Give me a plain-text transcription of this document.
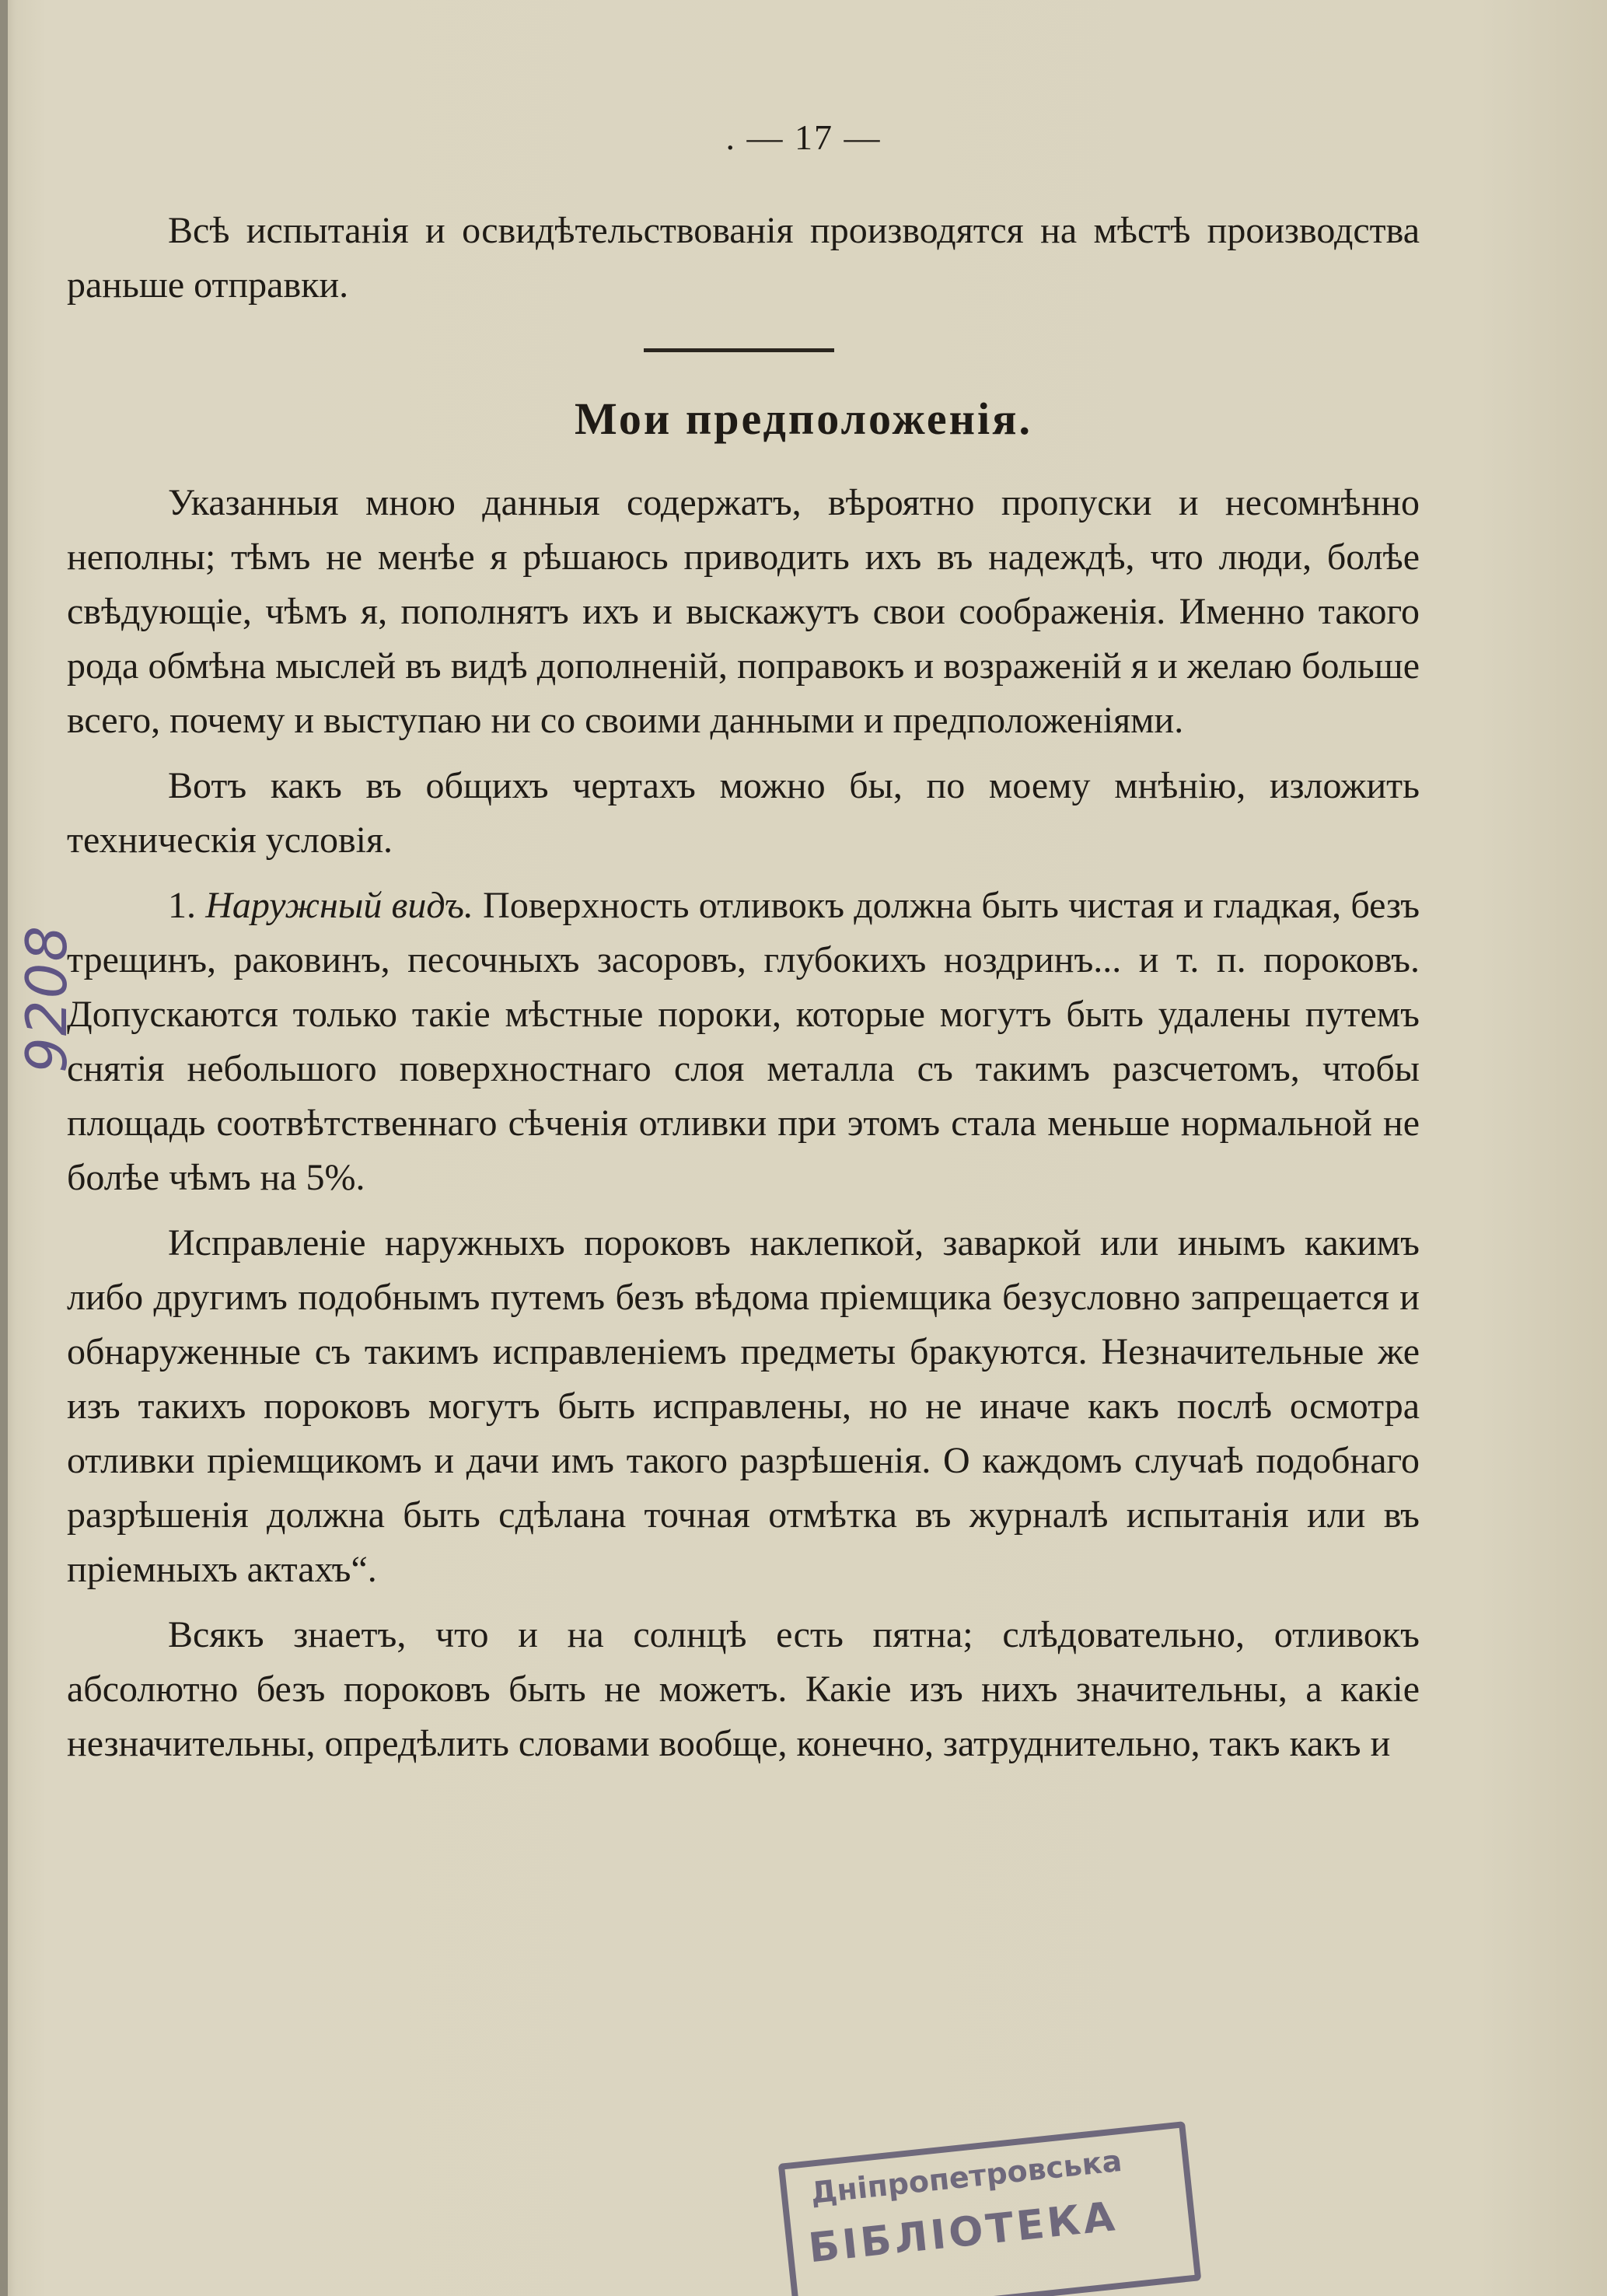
. — 17 —

Всѣ испытанія и освидѣтельствованія производятся на мѣстѣ производства раньше отправки.

Мои предположенія.

Указанныя мною данныя содержатъ, вѣроятно пропуски и несомнѣнно неполны; тѣмъ не менѣе я рѣшаюсь приводить ихъ въ надеждѣ, что люди, болѣе свѣдующіе, чѣмъ я, пополнятъ ихъ и выскажутъ свои соображенія. Именно такого рода обмѣна мыслей въ видѣ дополненій, поправокъ и возраженій я и желаю больше всего, почему и выступаю ни со своими данными и предположеніями.

Вотъ какъ въ общихъ чертахъ можно бы, по моему мнѣнію, изложить техническія условія.

1. Наружный видъ. Поверхность отливокъ должна быть чистая и гладкая, безъ трещинъ, раковинъ, песочныхъ засоровъ, глубокихъ ноздринъ... и т. п. пороковъ. Допускаются только такіе мѣстные пороки, которые могутъ быть удалены путемъ снятія небольшого поверхностнаго слоя металла съ такимъ разсчетомъ, чтобы площадь соотвѣтственнаго сѣченія отливки при этомъ стала меньше нормальной не болѣе чѣмъ на 5%.

Исправленіе наружныхъ пороковъ наклепкой, заваркой или инымъ какимъ либо другимъ подобнымъ путемъ безъ вѣдома пріемщика безусловно запрещается и обнаруженные съ такимъ исправленіемъ предметы бракуются. Незначительные же изъ такихъ пороковъ могутъ быть исправлены, но не иначе какъ послѣ осмотра отливки пріемщикомъ и дачи имъ такого разрѣшенія. О каждомъ случаѣ подобнаго разрѣшенія должна быть сдѣлана точная отмѣтка въ журналѣ испытанія или въ пріемныхъ актахъ“.

Всякъ знаетъ, что и на солнцѣ есть пятна; слѣдовательно, отливокъ абсолютно безъ пороковъ быть не можетъ. Какіе изъ нихъ значительны, а какіе незначительны, опредѣлить словами вообще, конечно, затруднительно, такъ какъ и

9208
Дніпропетровська
БІБЛІОТЕКА
